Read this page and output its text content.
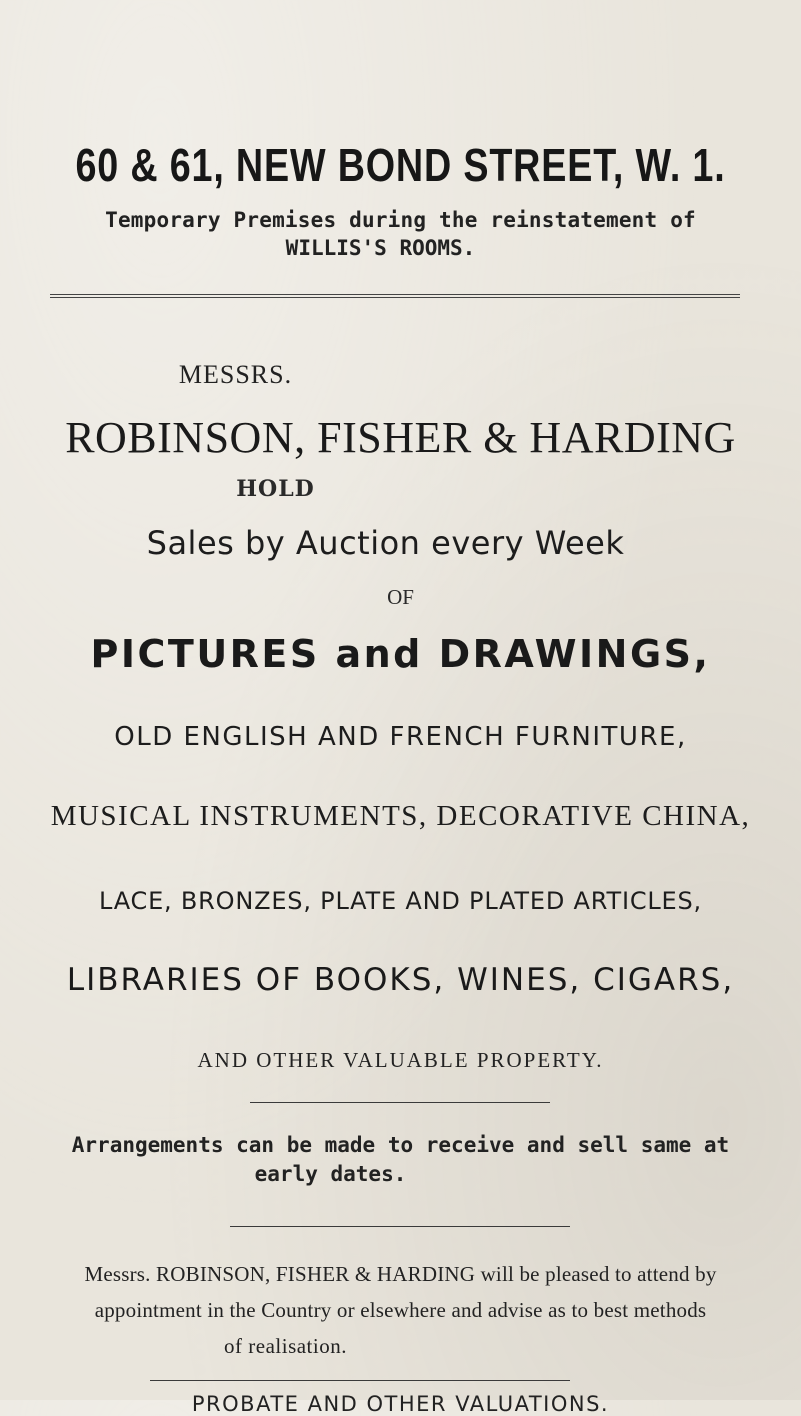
60 & 61, NEW BOND STREET, W. 1.

Temporary Premises during the reinstatement of

WILLIS'S ROOMS.

MESSRS.

ROBINSON, FISHER & HARDING

HOLD

Sales by Auction every Week

OF

PICTURES and DRAWINGS,

OLD ENGLISH AND FRENCH FURNITURE,

MUSICAL INSTRUMENTS, DECORATIVE CHINA,

LACE, BRONZES, PLATE AND PLATED ARTICLES,

LIBRARIES OF BOOKS, WINES, CIGARS,

AND OTHER VALUABLE PROPERTY.

Arrangements can be made to receive and sell same at

early dates.

Messrs. ROBINSON, FISHER & HARDING will be pleased to attend by

appointment in the Country or elsewhere and advise as to best methods

of realisation.

PROBATE AND OTHER VALUATIONS.
